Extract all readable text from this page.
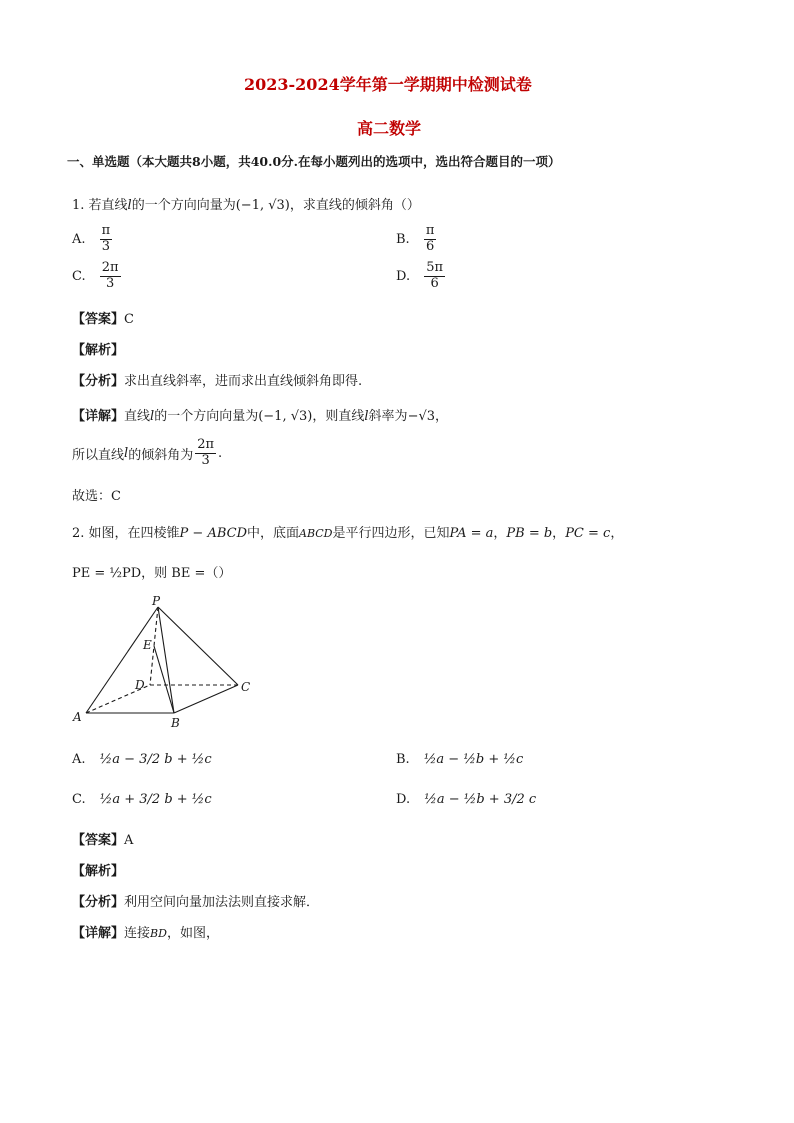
2023-2024学年第一学期期中检测试卷
高二数学
一、单选题（本大题共8小题，共40.0分.在每小题列出的选项中，选出符合题目的一项）
1. 若直线l的一个方向向量为(−1, √3)，求直线的倾斜角（）
A. $\frac{\pi}{3}$	B. $\frac{\pi}{6}$
C. $\frac{2\pi}{3}$	D. $\frac{5\pi}{6}$
【答案】C
【解析】
【分析】求出直线斜率，进而求出直线倾斜角即得.
【详解】直线l的一个方向向量为(−1, √3)，则直线l斜率为−√3，
所以直线l的倾斜角为 $\frac{2\pi}{3}$ .
故选：C
2. 如图，在四棱锥P − ABCD中，底面ABCD是平行四边形，已知PA = a，PB = b，PC = c，
PE = ½PD，则 BE =（）
P
E
D	C
A	B
A. ½a − 3/2 b + ½c	B. ½a − ½b + ½c
C. ½a + 3/2 b + ½c	D. ½a − ½b + 3/2 c
【答案】A
【解析】
【分析】利用空间向量加法法则直接求解．
【详解】连接BD，如图，
